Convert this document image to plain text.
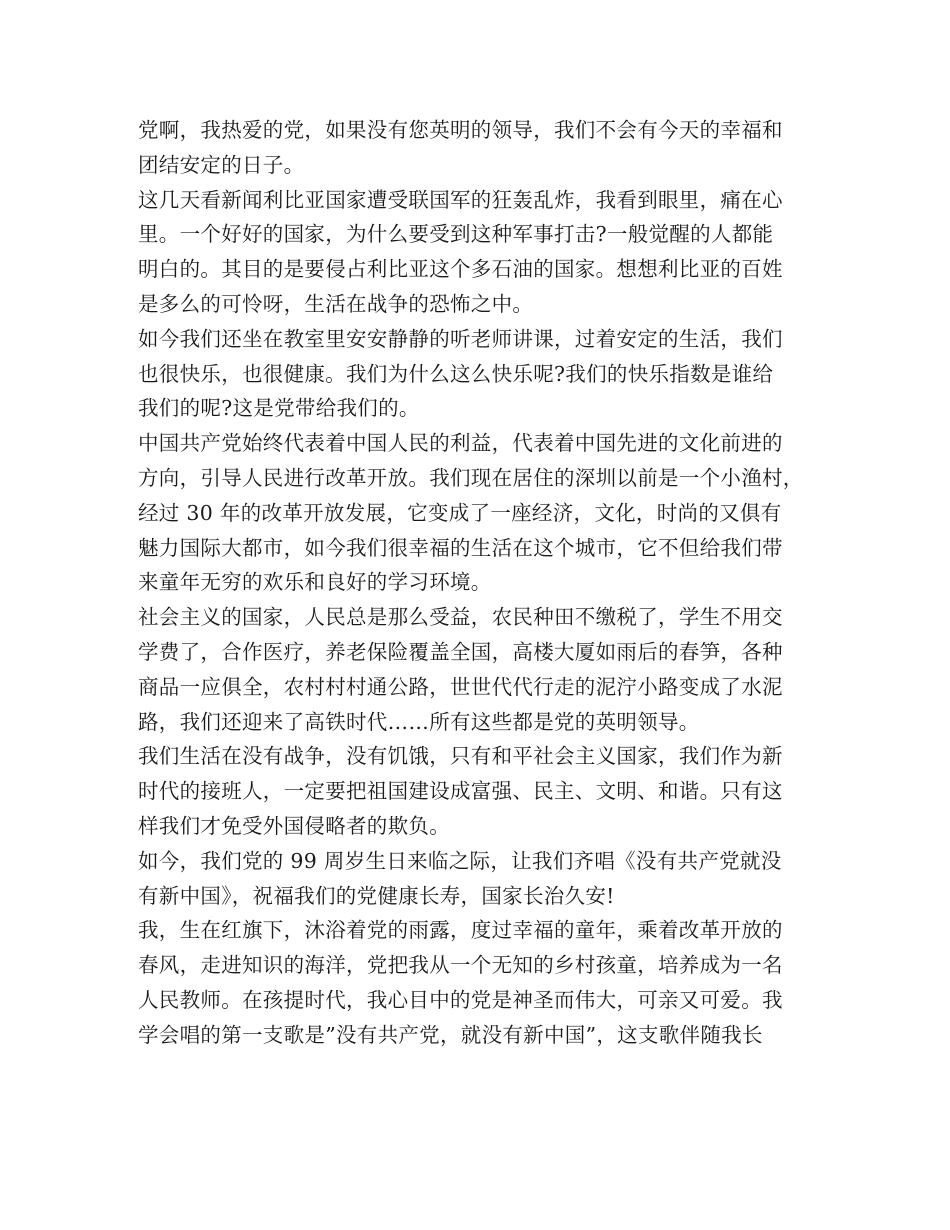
党啊，我热爱的党，如果没有您英明的领导，我们不会有今天的幸福和
团结安定的日子。
这几天看新闻利比亚国家遭受联国军的狂轰乱炸，我看到眼里，痛在心
里。一个好好的国家，为什么要受到这种军事打击?一般觉醒的人都能
明白的。其目的是要侵占利比亚这个多石油的国家。想想利比亚的百姓
是多么的可怜呀，生活在战争的恐怖之中。
如今我们还坐在教室里安安静静的听老师讲课，过着安定的生活，我们
也很快乐，也很健康。我们为什么这么快乐呢?我们的快乐指数是谁给
我们的呢?这是党带给我们的。
中国共产党始终代表着中国人民的利益，代表着中国先进的文化前进的
方向，引导人民进行改革开放。我们现在居住的深圳以前是一个小渔村，
经过 30 年的改革开放发展，它变成了一座经济，文化，时尚的又俱有
魅力国际大都市，如今我们很幸福的生活在这个城市，它不但给我们带
来童年无穷的欢乐和良好的学习环境。
社会主义的国家，人民总是那么受益，农民种田不缴税了，学生不用交
学费了，合作医疗，养老保险覆盖全国，高楼大厦如雨后的春笋，各种
商品一应俱全，农村村村通公路，世世代代行走的泥泞小路变成了水泥
路，我们还迎来了高铁时代……所有这些都是党的英明领导。
我们生活在没有战争，没有饥饿，只有和平社会主义国家，我们作为新
时代的接班人，一定要把祖国建设成富强、民主、文明、和谐。只有这
样我们才免受外国侵略者的欺负。
如今，我们党的 99 周岁生日来临之际，让我们齐唱《没有共产党就没
有新中国》，祝福我们的党健康长寿，国家长治久安!
我，生在红旗下，沐浴着党的雨露，度过幸福的童年，乘着改革开放的
春风，走进知识的海洋，党把我从一个无知的乡村孩童，培养成为一名
人民教师。在孩提时代，我心目中的党是神圣而伟大，可亲又可爱。我
学会唱的第一支歌是”没有共产党，就没有新中国”，这支歌伴随我长
